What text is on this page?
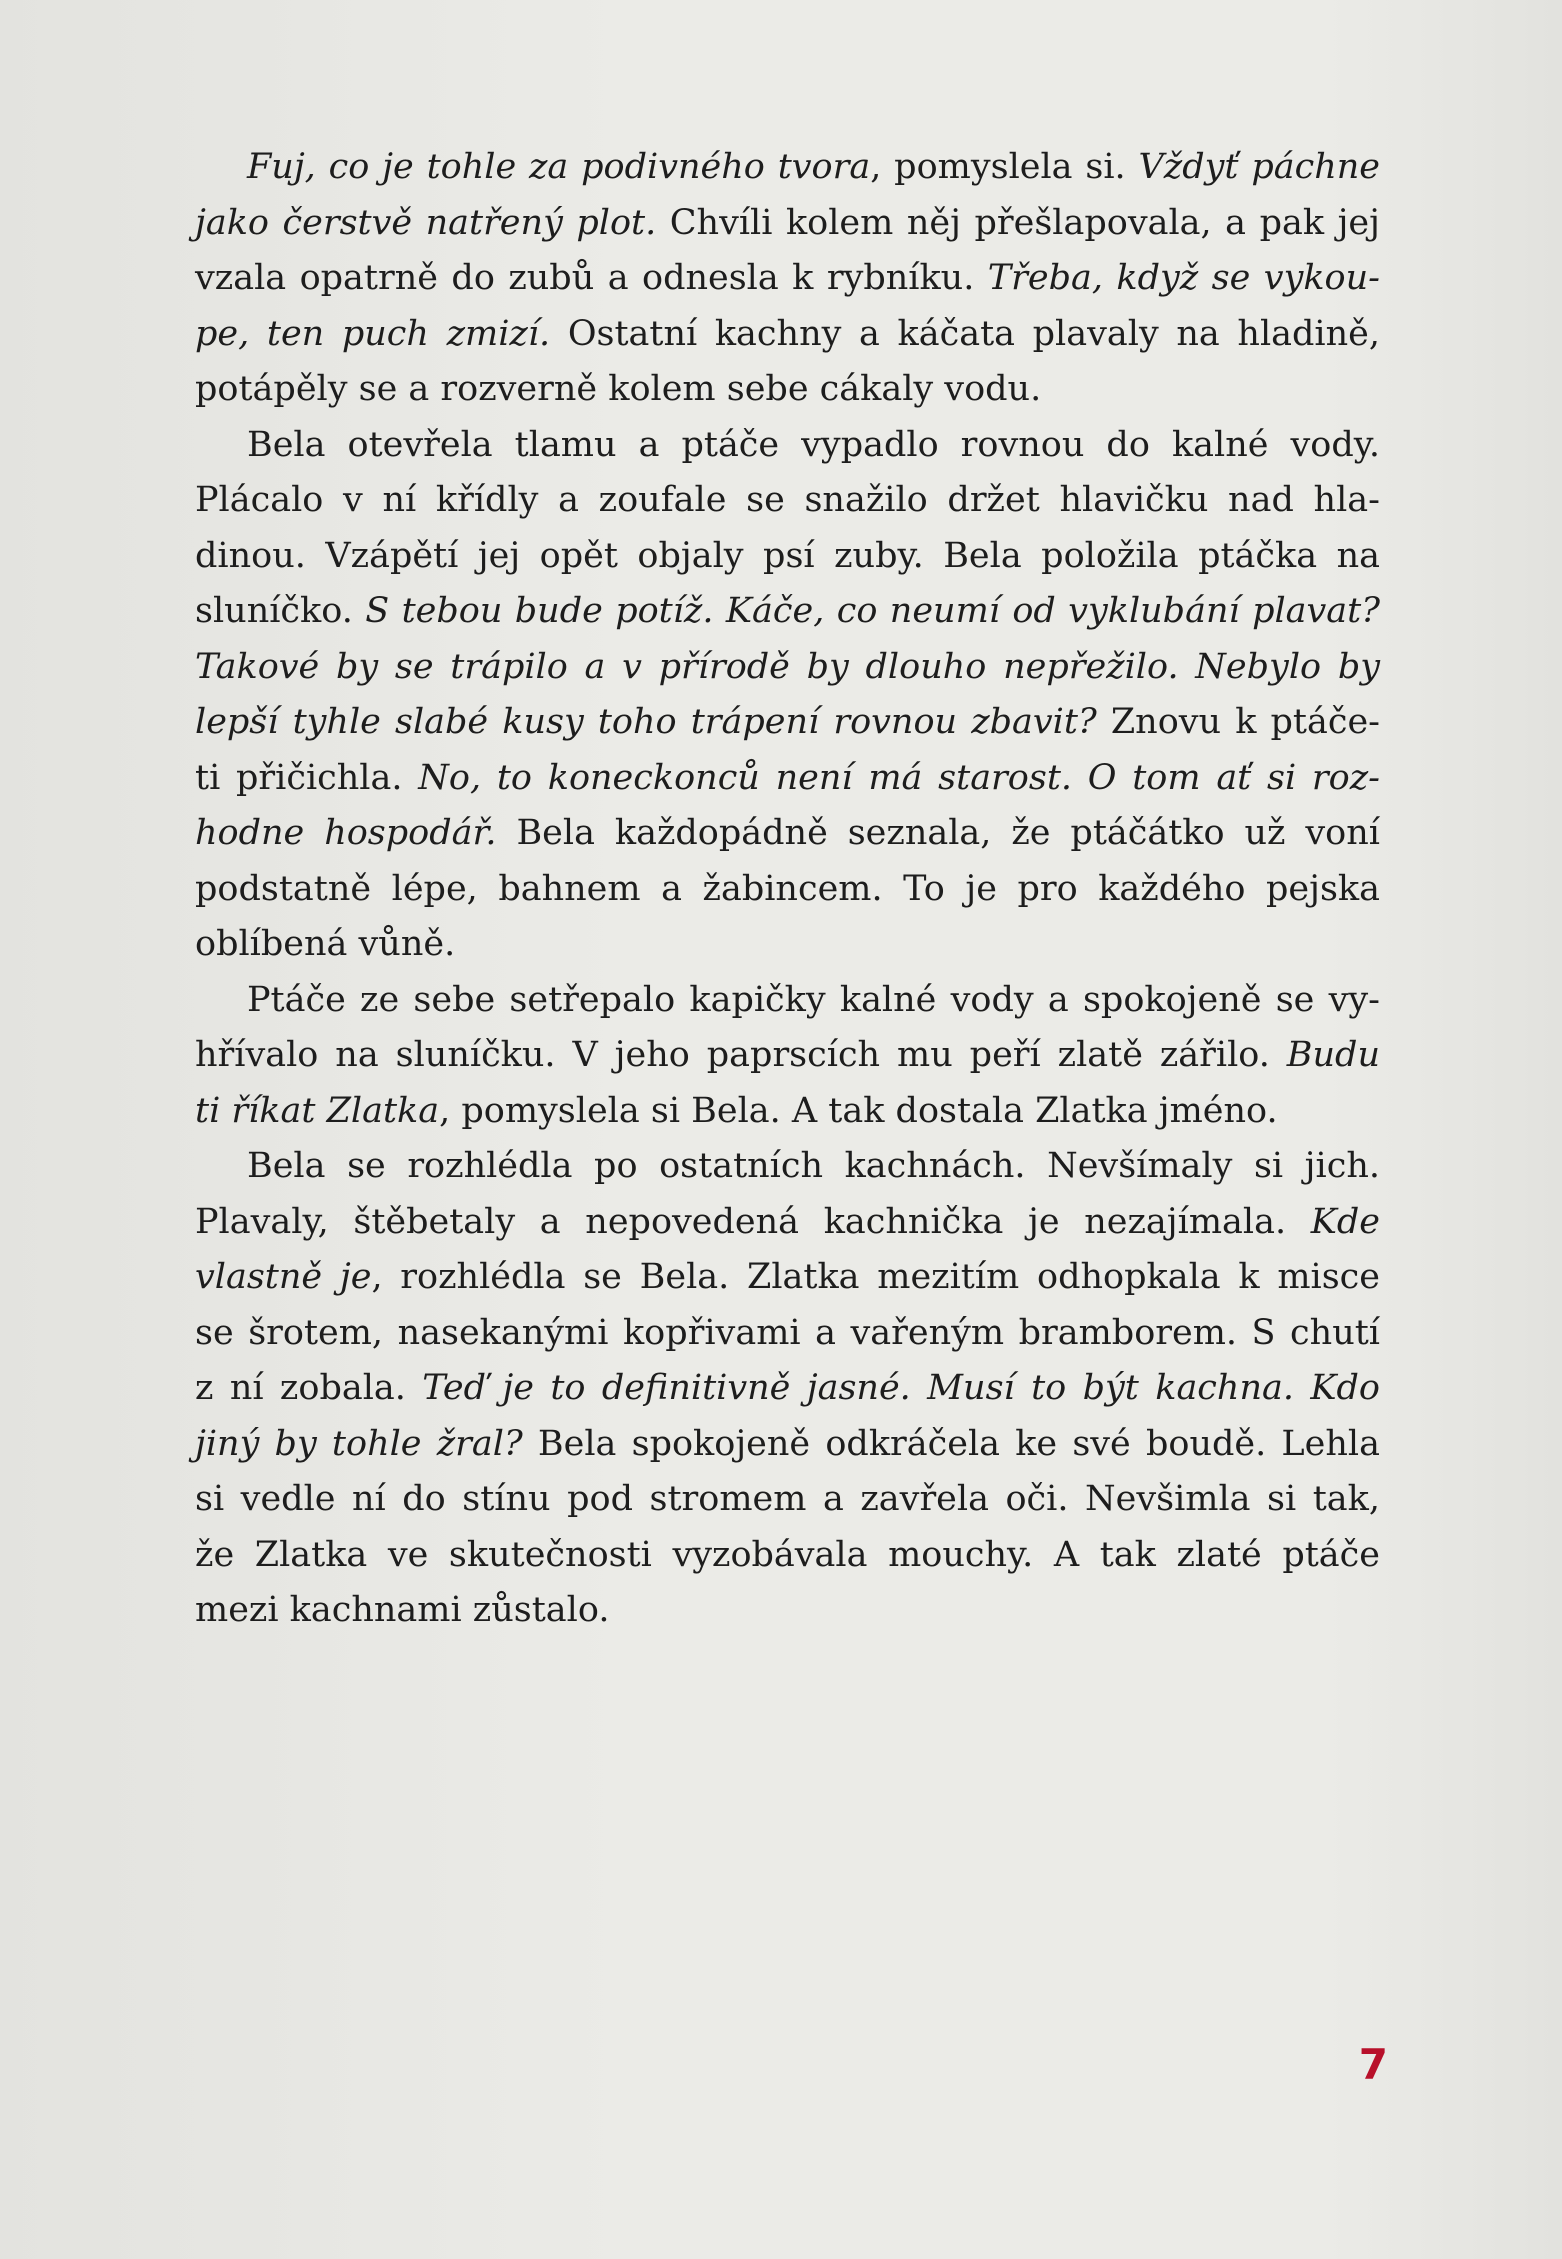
Fuj, co je tohle za podivného tvora, pomyslela si. Vždyť páchne
jako čerstvě natřený plot. Chvíli kolem něj přešlapovala, a pak jej
vzala opatrně do zubů a odnesla k rybníku. Třeba, když se vykou-
pe, ten puch zmizí. Ostatní kachny a káčata plavaly na hladině,
potápěly se a rozverně kolem sebe cákaly vodu.
Bela otevřela tlamu a ptáče vypadlo rovnou do kalné vody.
Plácalo v ní křídly a zoufale se snažilo držet hlavičku nad hla-
dinou. Vzápětí jej opět objaly psí zuby. Bela položila ptáčka na
sluníčko. S tebou bude potíž. Káče, co neumí od vyklubání plavat?
Takové by se trápilo a v přírodě by dlouho nepřežilo. Nebylo by
lepší tyhle slabé kusy toho trápení rovnou zbavit? Znovu k ptáče-
ti přičichla. No, to koneckonců není má starost. O tom ať si roz-
hodne hospodář. Bela každopádně seznala, že ptáčátko už voní
podstatně lépe, bahnem a žabincem. To je pro každého pejska
oblíbená vůně.
Ptáče ze sebe setřepalo kapičky kalné vody a spokojeně se vy-
hřívalo na sluníčku. V jeho paprscích mu peří zlatě zářilo. Budu
ti říkat Zlatka, pomyslela si Bela. A tak dostala Zlatka jméno.
Bela se rozhlédla po ostatních kachnách. Nevšímaly si jich.
Plavaly, štěbetaly a nepovedená kachnička je nezajímala. Kde
vlastně je, rozhlédla se Bela. Zlatka mezitím odhopkala k misce
se šrotem, nasekanými kopřivami a vařeným bramborem. S chutí
z ní zobala. Teď je to definitivně jasné. Musí to být kachna. Kdo
jiný by tohle žral? Bela spokojeně odkráčela ke své boudě. Lehla
si vedle ní do stínu pod stromem a zavřela oči. Nevšimla si tak,
že Zlatka ve skutečnosti vyzobávala mouchy. A tak zlaté ptáče
mezi kachnami zůstalo.
7
